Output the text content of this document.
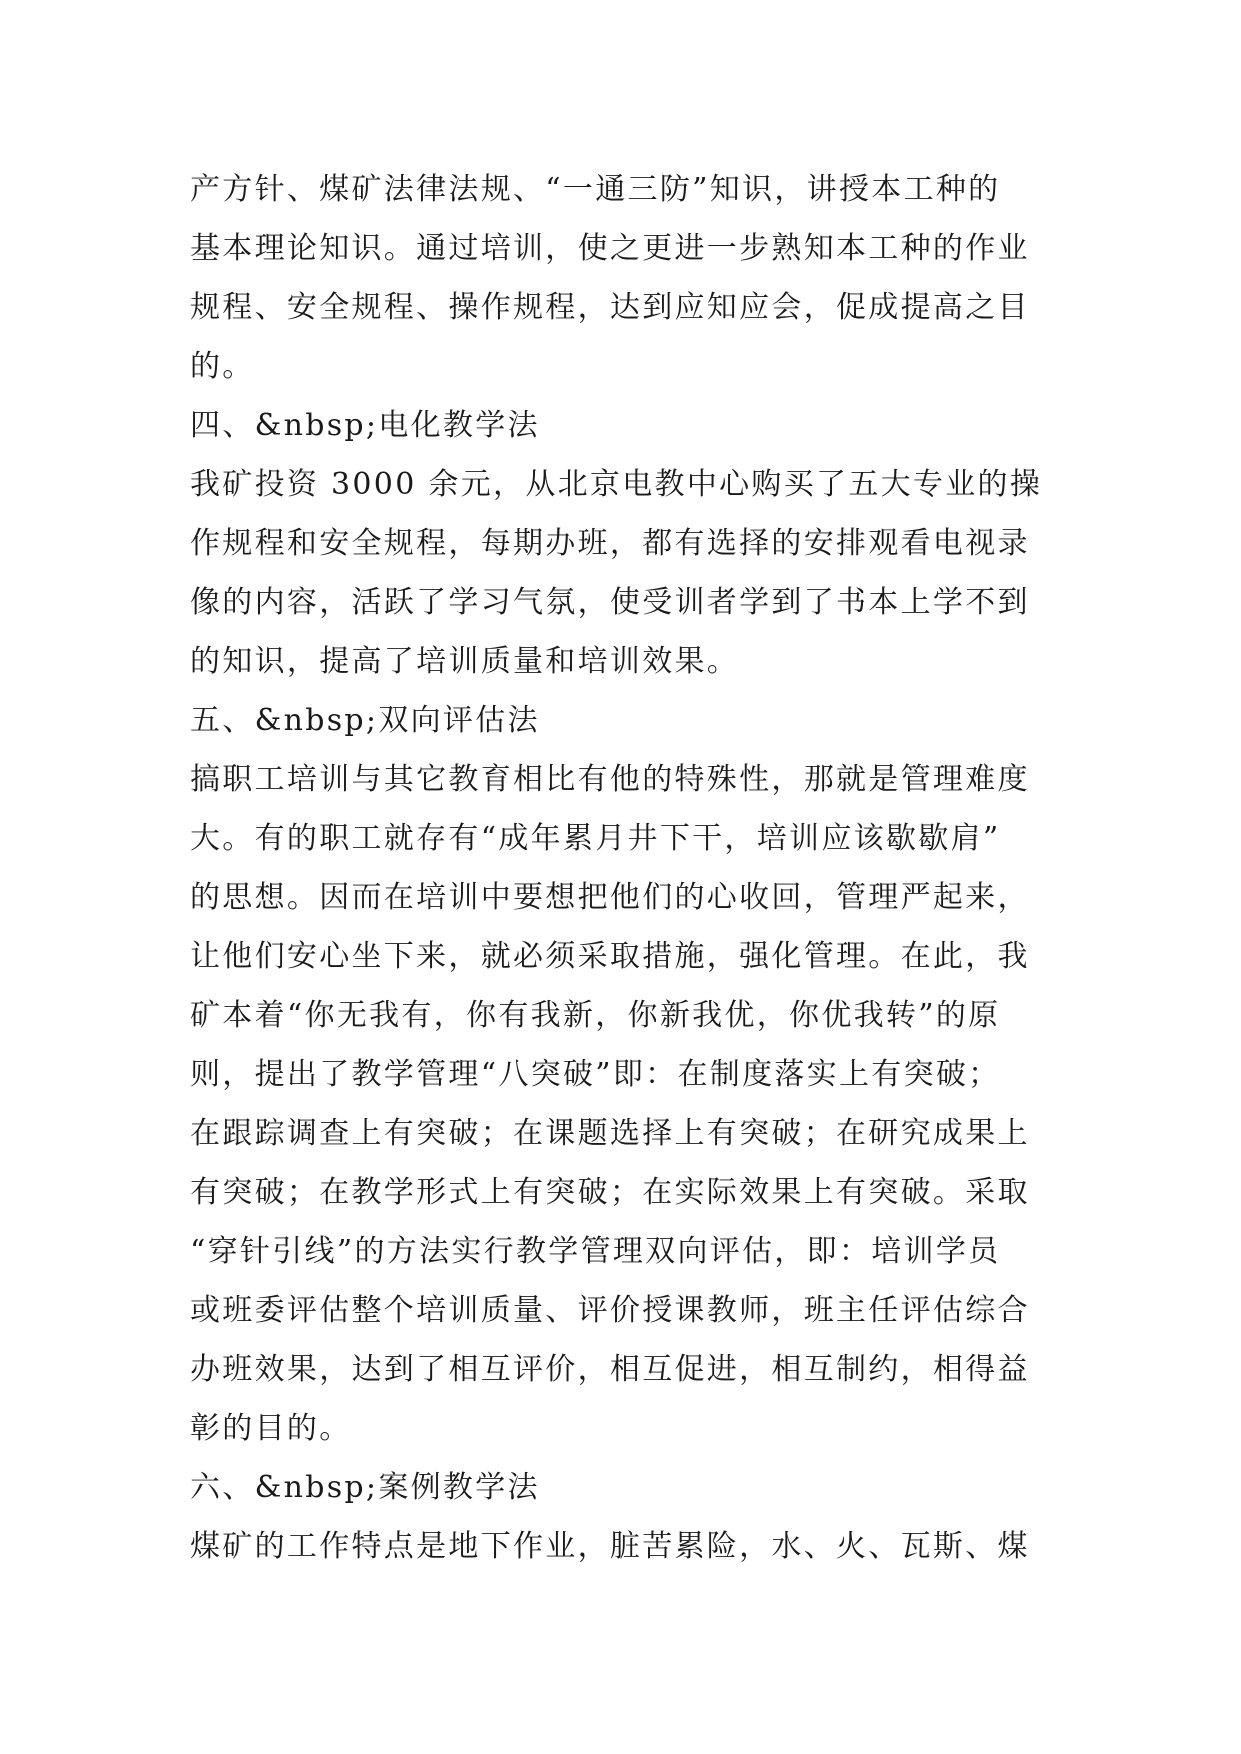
产方针、煤矿法律法规、“一通三防”知识，讲授本工种的
基本理论知识。通过培训，使之更进一步熟知本工种的作业
规程、安全规程、操作规程，达到应知应会，促成提高之目
的。
四、&nbsp;电化教学法
我矿投资 3000 余元，从北京电教中心购买了五大专业的操
作规程和安全规程，每期办班，都有选择的安排观看电视录
像的内容，活跃了学习气氛，使受训者学到了书本上学不到
的知识，提高了培训质量和培训效果。
五、&nbsp;双向评估法
搞职工培训与其它教育相比有他的特殊性，那就是管理难度
大。有的职工就存有“成年累月井下干，培训应该歇歇肩”
的思想。因而在培训中要想把他们的心收回，管理严起来，
让他们安心坐下来，就必须采取措施，强化管理。在此，我
矿本着“你无我有，你有我新，你新我优，你优我转”的原
则，提出了教学管理“八突破”即：在制度落实上有突破；
在跟踪调查上有突破；在课题选择上有突破；在研究成果上
有突破；在教学形式上有突破；在实际效果上有突破。采取
“穿针引线”的方法实行教学管理双向评估，即：培训学员
或班委评估整个培训质量、评价授课教师，班主任评估综合
办班效果，达到了相互评价，相互促进，相互制约，相得益
彰的目的。
六、&nbsp;案例教学法
煤矿的工作特点是地下作业，脏苦累险，水、火、瓦斯、煤
